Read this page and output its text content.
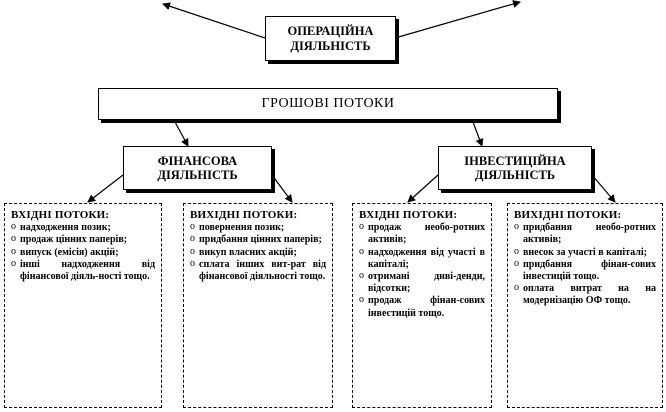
ОПЕРАЦІЙНА
ДІЯЛЬНІСТЬ
ГРОШОВІ ПОТОКИ
ФІНАНСОВА
ДІЯЛЬНІСТЬ
ІНВЕСТИЦІЙНА
ДІЯЛЬНІСТЬ
ВХІДНІ ПОТОКИ:
o надходження позик;
o продаж цінних паперів;
o випуск (емісія) акцій;
o інші надходження від фінансової діяль-ності тощо.
ВИХІДНІ ПОТОКИ:
o повернення позик;
o придбання цінних паперів;
o викуп власних акцій;
o сплата інших вит-рат від фінансової діяльності тощо.
ВХІДНІ ПОТОКИ:
o продаж необо-ротних активів;
o надходження від участі в капіталі;
o отримані диві-денди, відсотки;
o продаж фінан-сових інвестицій тощо.
ВИХІДНІ ПОТОКИ:
o придбання необо-ротних активів;
o внесок за участі в капіталі;
o придбання фінан-сових інвестицій тощо.
o оплата витрат на на модернізацію ОФ тощо.
